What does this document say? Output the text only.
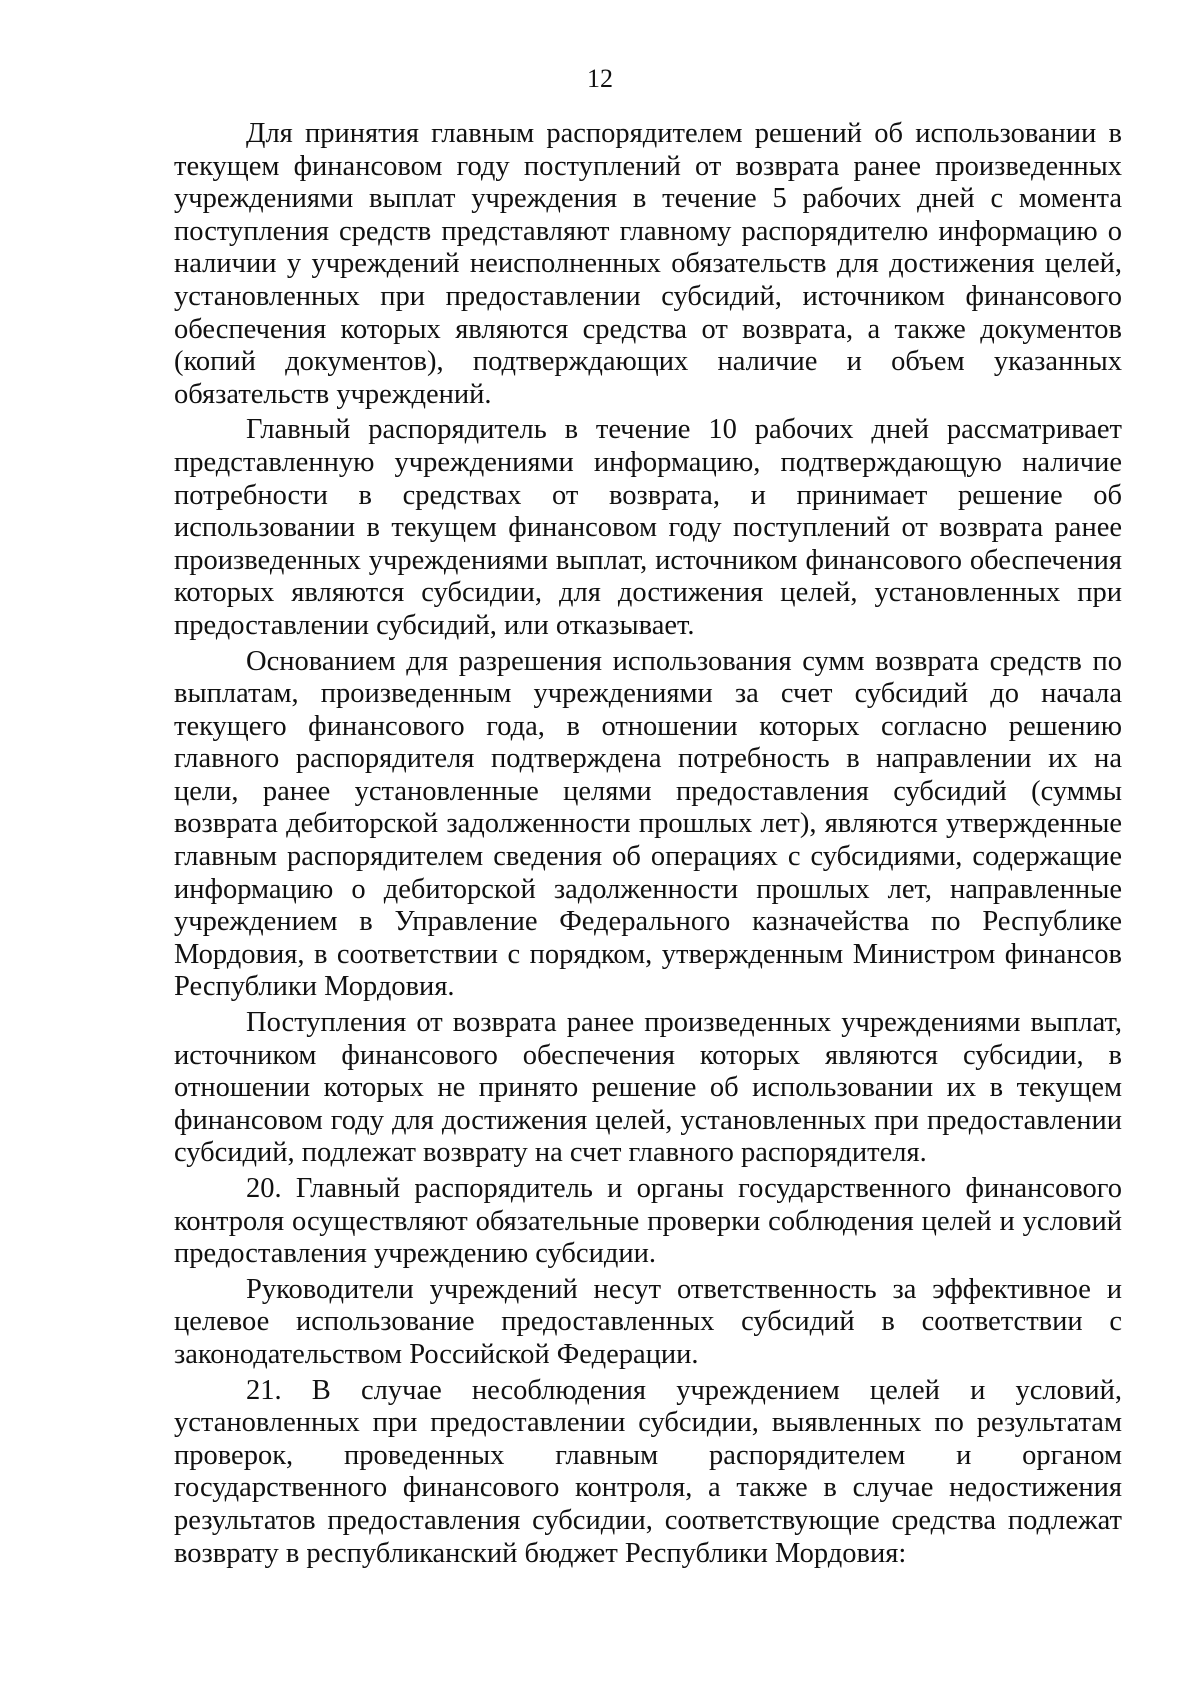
12

Для принятия главным распорядителем решений об использовании в текущем финансовом году поступлений от возврата ранее произведенных учреждениями выплат учреждения в течение 5 рабочих дней с момента поступления средств представляют главному распорядителю информацию о наличии у учреждений неисполненных обязательств для достижения целей, установленных при предоставлении субсидий, источником финансового обеспечения которых являются средства от возврата, а также документов (копий документов), подтверждающих наличие и объем указанных обязательств учреждений.

Главный распорядитель в течение 10 рабочих дней рассматривает представленную учреждениями информацию, подтверждающую наличие потребности в средствах от возврата, и принимает решение об использовании в текущем финансовом году поступлений от возврата ранее произведенных учреждениями выплат, источником финансового обеспечения которых являются субсидии, для достижения целей, установленных при предоставлении субсидий, или отказывает.

Основанием для разрешения использования сумм возврата средств по выплатам, произведенным учреждениями за счет субсидий до начала текущего финансового года, в отношении которых согласно решению главного распорядителя подтверждена потребность в направлении их на цели, ранее установленные целями предоставления субсидий (суммы возврата дебиторской задолженности прошлых лет), являются утвержденные главным распорядителем сведения об операциях с субсидиями, содержащие информацию о дебиторской задолженности прошлых лет, направленные учреждением в Управление Федерального казначейства по Республике Мордовия, в соответствии с порядком, утвержденным Министром финансов Республики Мордовия.

Поступления от возврата ранее произведенных учреждениями выплат, источником финансового обеспечения которых являются субсидии, в отношении которых не принято решение об использовании их в текущем финансовом году для достижения целей, установленных при предоставлении субсидий, подлежат возврату на счет главного распорядителя.

20. Главный распорядитель и органы государственного финансового контроля осуществляют обязательные проверки соблюдения целей и условий предоставления учреждению субсидии.

Руководители учреждений несут ответственность за эффективное и целевое использование предоставленных субсидий в соответствии с законодательством Российской Федерации.

21. В случае несоблюдения учреждением целей и условий, установленных при предоставлении субсидии, выявленных по результатам проверок, проведенных главным распорядителем и органом государственного финансового контроля, а также в случае недостижения результатов предоставления субсидии, соответствующие средства подлежат возврату в республиканский бюджет Республики Мордовия:
